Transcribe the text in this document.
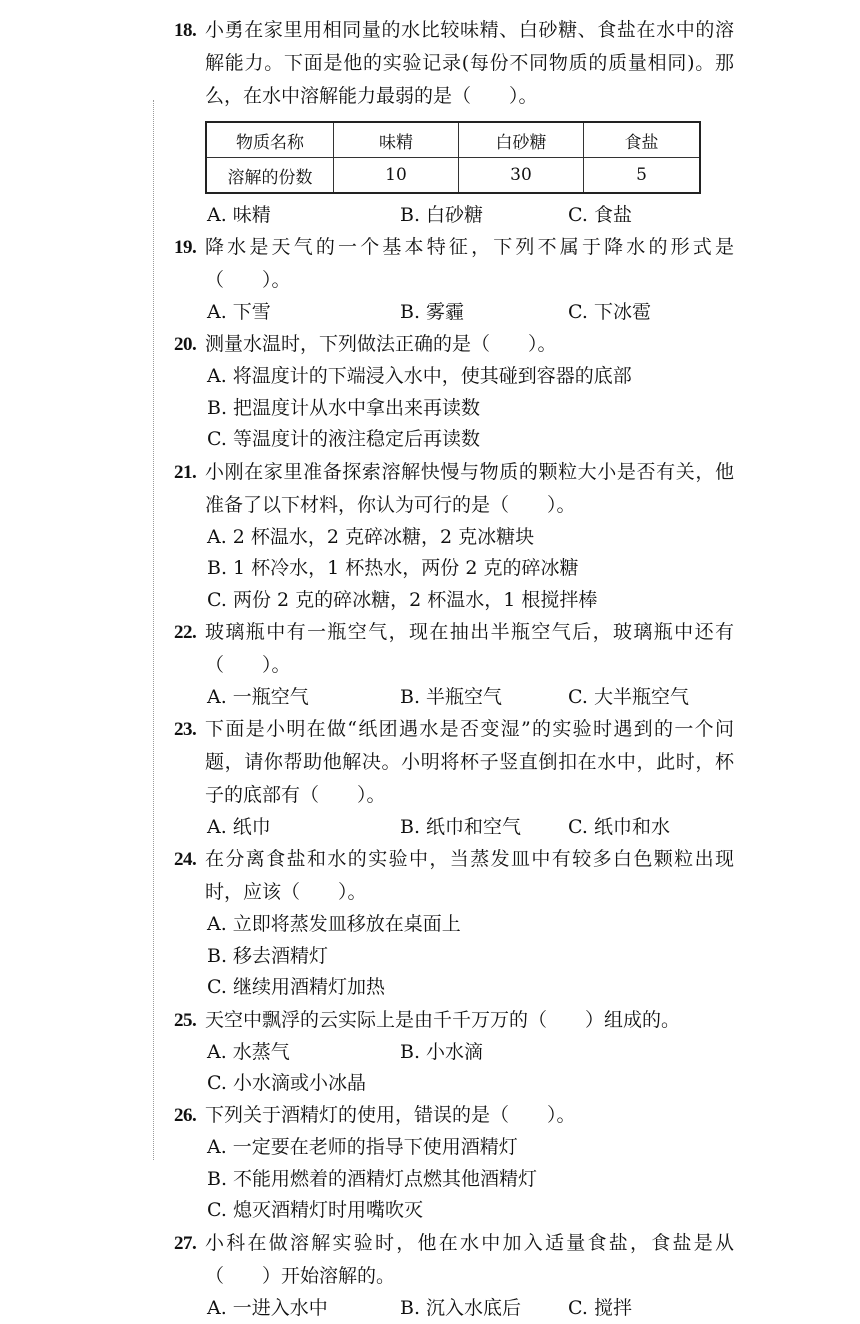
18. 小勇在家里用相同量的水比较味精、白砂糖、食盐在水中的溶解能力。下面是他的实验记录(每份不同物质的质量相同)。那么，在水中溶解能力最弱的是（　　）。
物质名称	味精	白砂糖	食盐
溶解的份数	10	30	5
A. 味精	B. 白砂糖	C. 食盐
19. 降水是天气的一个基本特征，下列不属于降水的形式是（　　）。
A. 下雪	B. 雾霾	C. 下冰雹
20. 测量水温时，下列做法正确的是（　　）。
A. 将温度计的下端浸入水中，使其碰到容器的底部
B. 把温度计从水中拿出来再读数
C. 等温度计的液注稳定后再读数
21. 小刚在家里准备探索溶解快慢与物质的颗粒大小是否有关，他准备了以下材料，你认为可行的是（　　）。
A. 2 杯温水，2 克碎冰糖，2 克冰糖块
B. 1 杯冷水，1 杯热水，两份 2 克的碎冰糖
C. 两份 2 克的碎冰糖，2 杯温水，1 根搅拌棒
22. 玻璃瓶中有一瓶空气，现在抽出半瓶空气后，玻璃瓶中还有（　　）。
A. 一瓶空气	B. 半瓶空气	C. 大半瓶空气
23. 下面是小明在做“纸团遇水是否变湿”的实验时遇到的一个问题，请你帮助他解决。小明将杯子竖直倒扣在水中，此时，杯子的底部有（　　）。
A. 纸巾	B. 纸巾和空气	C. 纸巾和水
24. 在分离食盐和水的实验中，当蒸发皿中有较多白色颗粒出现时，应该（　　）。
A. 立即将蒸发皿移放在桌面上
B. 移去酒精灯
C. 继续用酒精灯加热
25. 天空中飘浮的云实际上是由千千万万的（　　）组成的。
A. 水蒸气	B. 小水滴
C. 小水滴或小冰晶
26. 下列关于酒精灯的使用，错误的是（　　）。
A. 一定要在老师的指导下使用酒精灯
B. 不能用燃着的酒精灯点燃其他酒精灯
C. 熄灭酒精灯时用嘴吹灭
27. 小科在做溶解实验时，他在水中加入适量食盐，食盐是从（　　）开始溶解的。
A. 一进入水中	B. 沉入水底后	C. 搅拌
